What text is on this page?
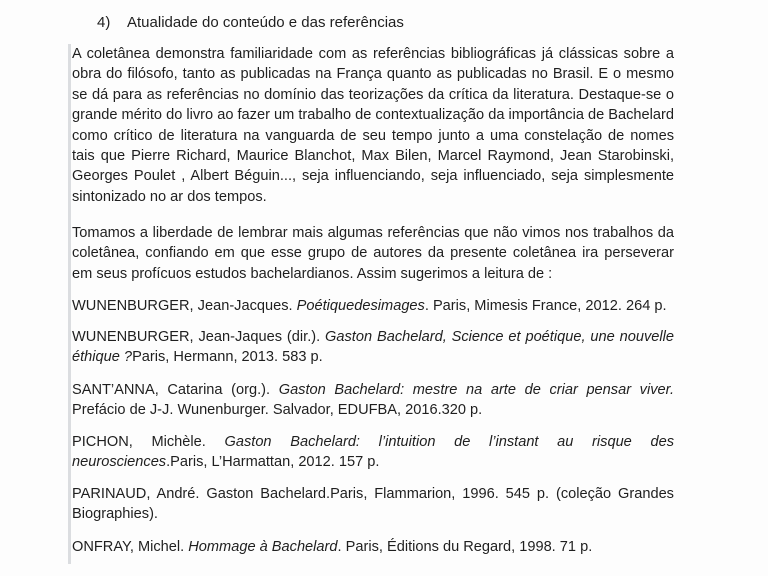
4) Atualidade do conteúdo e das referências

A coletânea demonstra familiaridade com as referências bibliográficas já clássicas sobre a obra do filósofo, tanto as publicadas na França quanto as publicadas no Brasil. E o mesmo se dá para as referências no domínio das teorizações da crítica da literatura. Destaque-se o grande mérito do livro ao fazer um trabalho de contextualização da importância de Bachelard como crítico de literatura na vanguarda de seu tempo junto a uma constelação de nomes tais que Pierre Richard, Maurice Blanchot, Max Bilen, Marcel Raymond, Jean Starobinski, Georges Poulet , Albert Béguin..., seja influenciando, seja influenciado, seja simplesmente sintonizado no ar dos tempos.

Tomamos a liberdade de lembrar mais algumas referências que não vimos nos trabalhos da coletânea, confiando em que esse grupo de autores da presente coletânea ira perseverar em seus profícuos estudos bachelardianos. Assim sugerimos a leitura de :

WUNENBURGER, Jean-Jacques. Poétiquedesimages. Paris, Mimesis France, 2012. 264 p.

WUNENBURGER, Jean-Jaques (dir.). Gaston Bachelard, Science et poétique, une nouvelle éthique ?Paris, Hermann, 2013. 583 p.

SANT’ANNA, Catarina (org.). Gaston Bachelard: mestre na arte de criar pensar viver. Prefácio de J-J. Wunenburger. Salvador, EDUFBA, 2016.320 p.

PICHON, Michèle. Gaston Bachelard: l’intuition de l’instant au risque des neurosciences.Paris, L’Harmattan, 2012. 157 p.

PARINAUD, André. Gaston Bachelard.Paris, Flammarion, 1996. 545 p. (coleção Grandes Biographies).

ONFRAY, Michel. Hommage à Bachelard. Paris, Éditions du Regard, 1998. 71 p.
